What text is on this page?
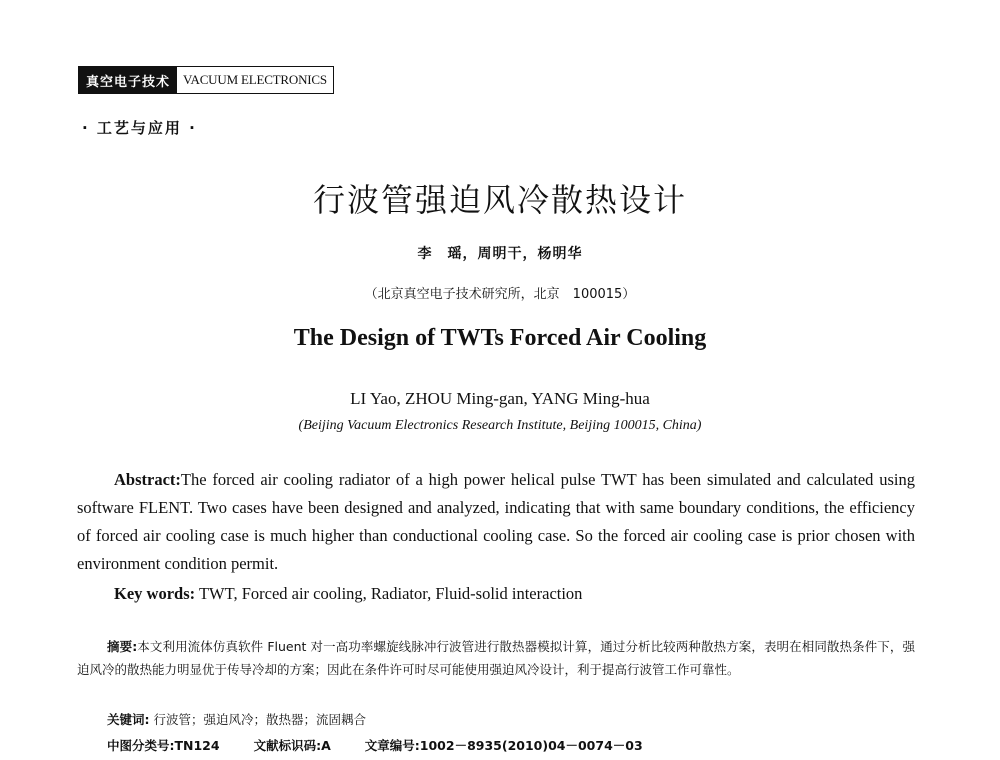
真空电子技术	VACUUM ELECTRONICS
· 工艺与应用 ·
行波管强迫风冷散热设计
李　瑶，周明干，杨明华
（北京真空电子技术研究所，北京　100015）
The Design of TWTs Forced Air Cooling
LI Yao, ZHOU Ming-gan, YANG Ming-hua
(Beijing Vacuum Electronics Research Institute, Beijing 100015, China)

Abstract:The forced air cooling radiator of a high power helical pulse TWT has been simulated and calculated using software FLENT. Two cases have been designed and analyzed, indicating that with same boundary conditions, the efficiency of forced air cooling case is much higher than conductional cooling case. So the forced air cooling case is prior chosen with environment condition permit.

Key words: TWT, Forced air cooling, Radiator, Fluid-solid interaction

摘要:本文利用流体仿真软件 Fluent 对一高功率螺旋线脉冲行波管进行散热器模拟计算，通过分析比较两种散热方案，表明在相同散热条件下，强迫风冷的散热能力明显优于传导冷却的方案；因此在条件许可时尽可能使用强迫风冷设计，利于提高行波管工作可靠性。

关键词: 行波管；强迫风冷；散热器；流固耦合
中图分类号:TN124	文献标识码:A	文章编号:1002－8935(2010)04－0074－03
